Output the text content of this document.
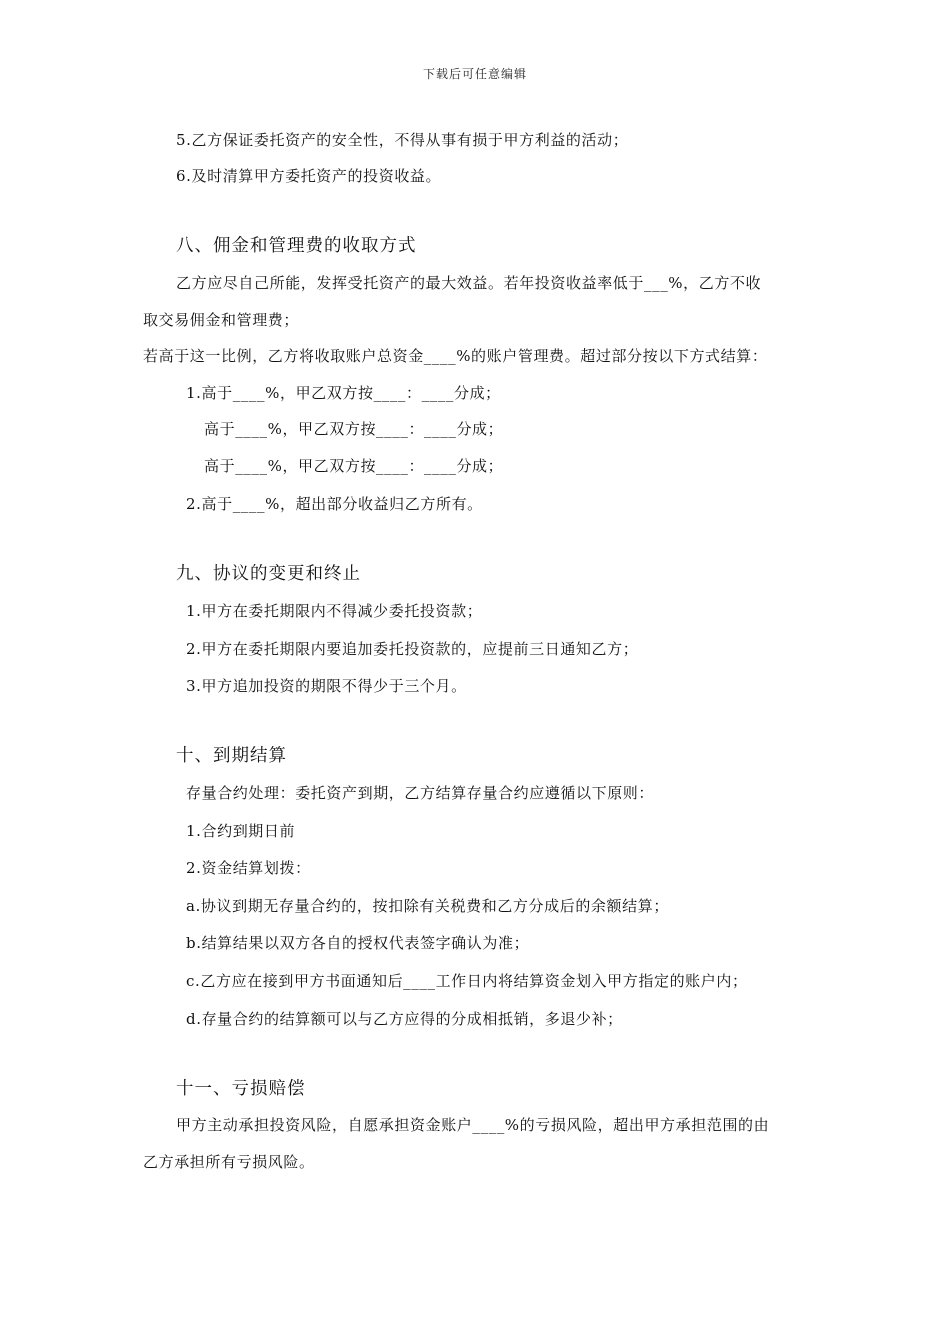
下载后可任意编辑
5.乙方保证委托资产的安全性，不得从事有损于甲方利益的活动；
6.及时清算甲方委托资产的投资收益。
八、佣金和管理费的收取方式
乙方应尽自己所能，发挥受托资产的最大效益。若年投资收益率低于___%，乙方不收
取交易佣金和管理费；
若高于这一比例，乙方将收取账户总资金____%的账户管理费。超过部分按以下方式结算：
1.高于____%，甲乙双方按____：____分成；
高于____%，甲乙双方按____：____分成；
高于____%，甲乙双方按____：____分成；
2.高于____%，超出部分收益归乙方所有。
九、协议的变更和终止
1.甲方在委托期限内不得减少委托投资款；
2.甲方在委托期限内要追加委托投资款的，应提前三日通知乙方；
3.甲方追加投资的期限不得少于三个月。
十、到期结算
存量合约处理：委托资产到期，乙方结算存量合约应遵循以下原则：
1.合约到期日前
2.资金结算划拨：
a.协议到期无存量合约的，按扣除有关税费和乙方分成后的余额结算；
b.结算结果以双方各自的授权代表签字确认为准；
c.乙方应在接到甲方书面通知后____工作日内将结算资金划入甲方指定的账户内；
d.存量合约的结算额可以与乙方应得的分成相抵销，多退少补；
十一、亏损赔偿
甲方主动承担投资风险，自愿承担资金账户____%的亏损风险，超出甲方承担范围的由
乙方承担所有亏损风险。
